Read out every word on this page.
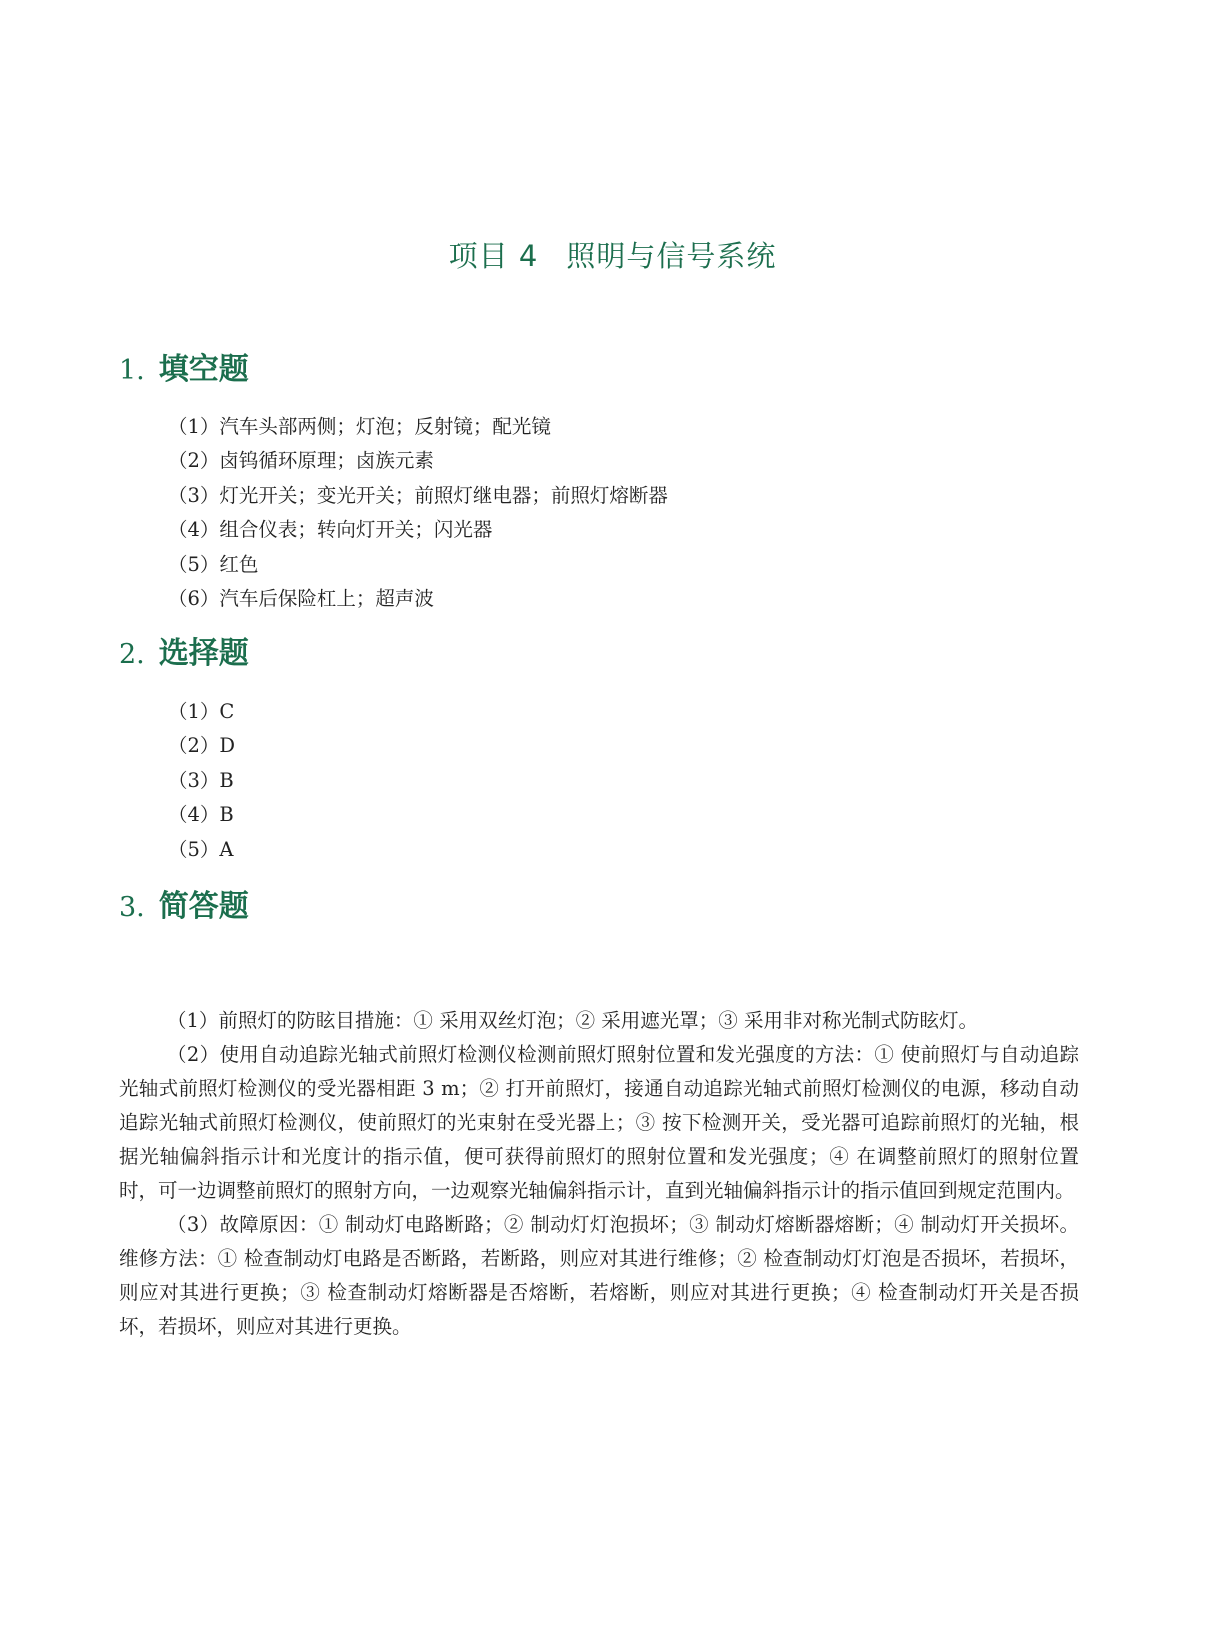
项目 4 照明与信号系统
1. 填空题
（1）汽车头部两侧；灯泡；反射镜；配光镜
（2）卤钨循环原理；卤族元素
（3）灯光开关；变光开关；前照灯继电器；前照灯熔断器
（4）组合仪表；转向灯开关；闪光器
（5）红色
（6）汽车后保险杠上；超声波
2. 选择题
（1）C
（2）D
（3）B
（4）B
（5）A
3. 简答题

（1）前照灯的防眩目措施：① 采用双丝灯泡；② 采用遮光罩；③ 采用非对称光制式防眩灯。

（2）使用自动追踪光轴式前照灯检测仪检测前照灯照射位置和发光强度的方法：① 使前照灯与自动追踪光轴式前照灯检测仪的受光器相距 3 m；② 打开前照灯，接通自动追踪光轴式前照灯检测仪的电源，移动自动追踪光轴式前照灯检测仪，使前照灯的光束射在受光器上；③ 按下检测开关，受光器可追踪前照灯的光轴，根据光轴偏斜指示计和光度计的指示值，便可获得前照灯的照射位置和发光强度；④ 在调整前照灯的照射位置时，可一边调整前照灯的照射方向，一边观察光轴偏斜指示计，直到光轴偏斜指示计的指示值回到规定范围内。

（3）故障原因：① 制动灯电路断路；② 制动灯灯泡损坏；③ 制动灯熔断器熔断；④ 制动灯开关损坏。维修方法：① 检查制动灯电路是否断路，若断路，则应对其进行维修；② 检查制动灯灯泡是否损坏，若损坏，则应对其进行更换；③ 检查制动灯熔断器是否熔断，若熔断，则应对其进行更换；④ 检查制动灯开关是否损坏，若损坏，则应对其进行更换。
